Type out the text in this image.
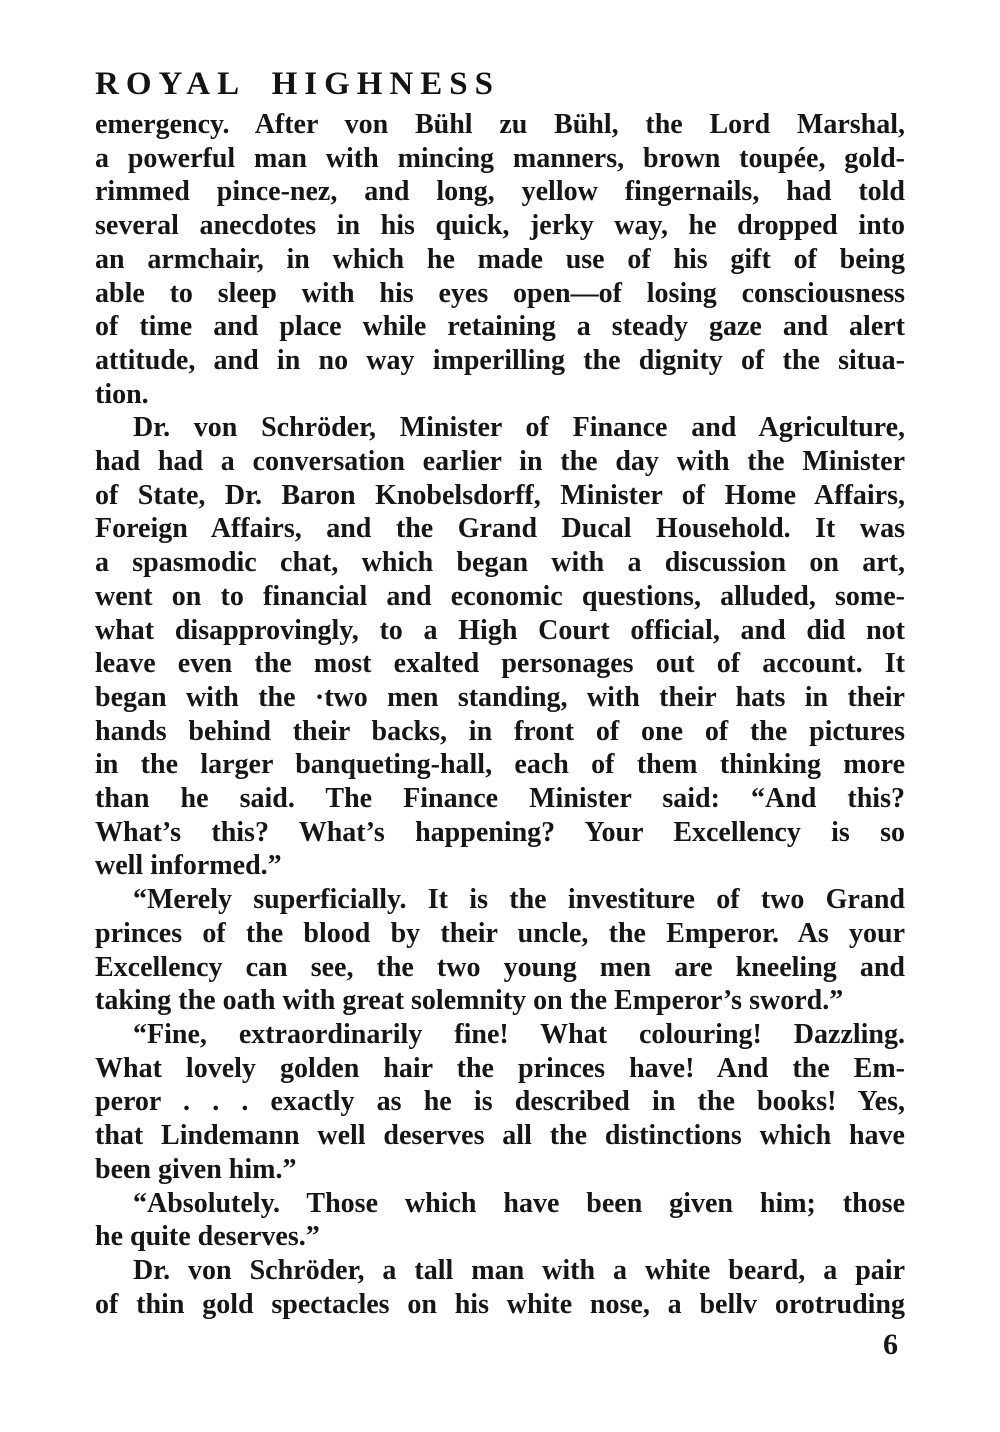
ROYAL HIGHNESS
emergency. After von Bühl zu Bühl, the Lord Marshal,
a powerful man with mincing manners, brown toupée, gold-
rimmed pince-nez, and long, yellow fingernails, had told
several anecdotes in his quick, jerky way, he dropped into
an armchair, in which he made use of his gift of being
able to sleep with his eyes open—of losing consciousness
of time and place while retaining a steady gaze and alert
attitude, and in no way imperilling the dignity of the situa-
tion.
Dr. von Schröder, Minister of Finance and Agriculture,
had had a conversation earlier in the day with the Minister
of State, Dr. Baron Knobelsdorff, Minister of Home Affairs,
Foreign Affairs, and the Grand Ducal Household. It was
a spasmodic chat, which began with a discussion on art,
went on to financial and economic questions, alluded, some-
what disapprovingly, to a High Court official, and did not
leave even the most exalted personages out of account. It
began with the ·two men standing, with their hats in their
hands behind their backs, in front of one of the pictures
in the larger banqueting-hall, each of them thinking more
than he said. The Finance Minister said: “And this?
What’s this? What’s happening? Your Excellency is so
well informed.”
“Merely superficially. It is the investiture of two Grand
princes of the blood by their uncle, the Emperor. As your
Excellency can see, the two young men are kneeling and
taking the oath with great solemnity on the Emperor’s sword.”
“Fine, extraordinarily fine! What colouring! Dazzling.
What lovely golden hair the princes have! And the Em-
peror . . . exactly as he is described in the books! Yes,
that Lindemann well deserves all the distinctions which have
been given him.”
“Absolutely. Those which have been given him; those
he quite deserves.”
Dr. von Schröder, a tall man with a white beard, a pair
of thin gold spectacles on his white nose, a bellv orotruding
6
